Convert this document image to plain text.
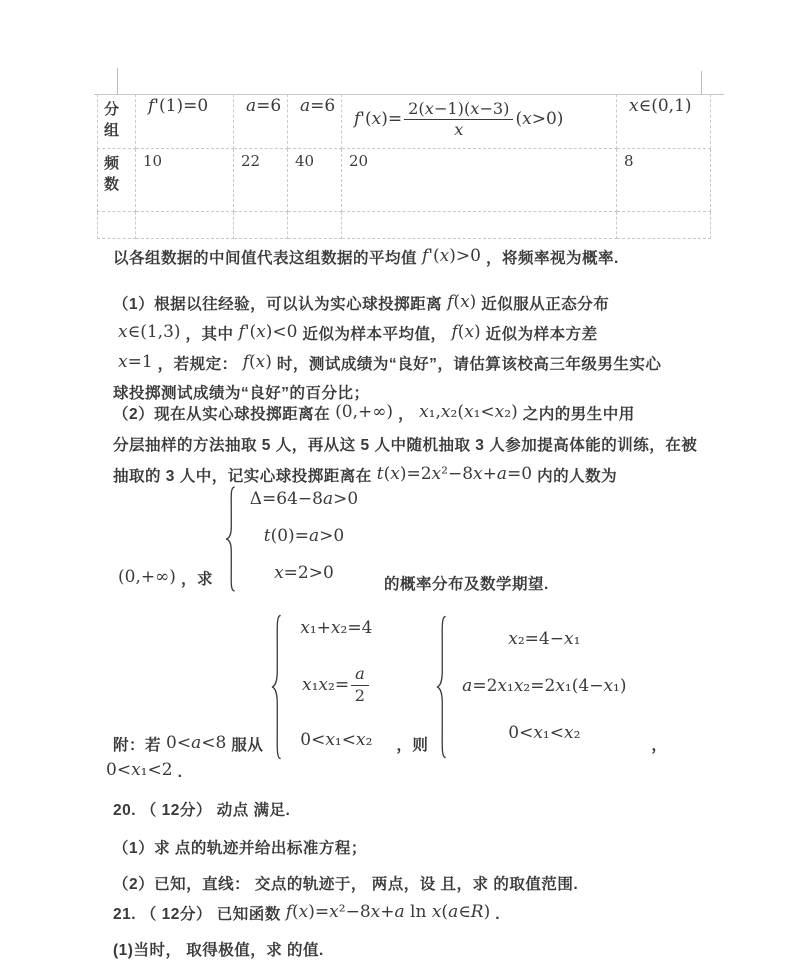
分组	f'(1)=0	a=6	a=6	$f'(x)= \frac{2(x-1)(x-3)}{x} (x>0)$	x∈(0,1)
频数	10	22	40	20	8

以各组数据的中间值代表这组数据的平均值 f'(x)>0 ，将频率视为概率.
（1）根据以往经验，可以认为实心球投掷距离 f(x) 近似服从正态分布
x∈(1,3) ，其中 f'(x)<0 近似为样本平均值， f(x) 近似为样本方差
x=1 ，若规定： f(x) 时，测试成绩为“良好”，请估算该校高三年级男生实心
球投掷测试成绩为“良好”的百分比；
（2）现在从实心球投掷距离在 (0,+∞) ， x₁,x₂(x₁<x₂) 之内的男生中用
分层抽样的方法抽取 5 人，再从这 5 人中随机抽取 3 人参加提高体能的训练，在被
抽取的 3 人中，记实心球投掷距离在 t(x)=2x²−8x+a=0 内的人数为
(0,+∞) ，求
Δ=64−8a>0
t(0)=a>0
x=2>0
的概率分布及数学期望.
附：若 0<a<8 服从
x₁+x₂=4
$x_1x_2= \frac{a}{2}$
0<x₁<x₂	，则
x₂=4−x₁
a=2x₁x₂=2x₁(4−x₁)
0<x₁<x₂
，
0<x₁<2 .
20. （ 12分） 动点 满足.
（1）求 点的轨迹并给出标准方程；
（2）已知，直线： 交点的轨迹于， 两点，设 且，求 的取值范围.
21. （ 12分） 已知函数 f(x)=x²−8x+a ln x(a∈R) .
(1)当时， 取得极值，求 的值.
